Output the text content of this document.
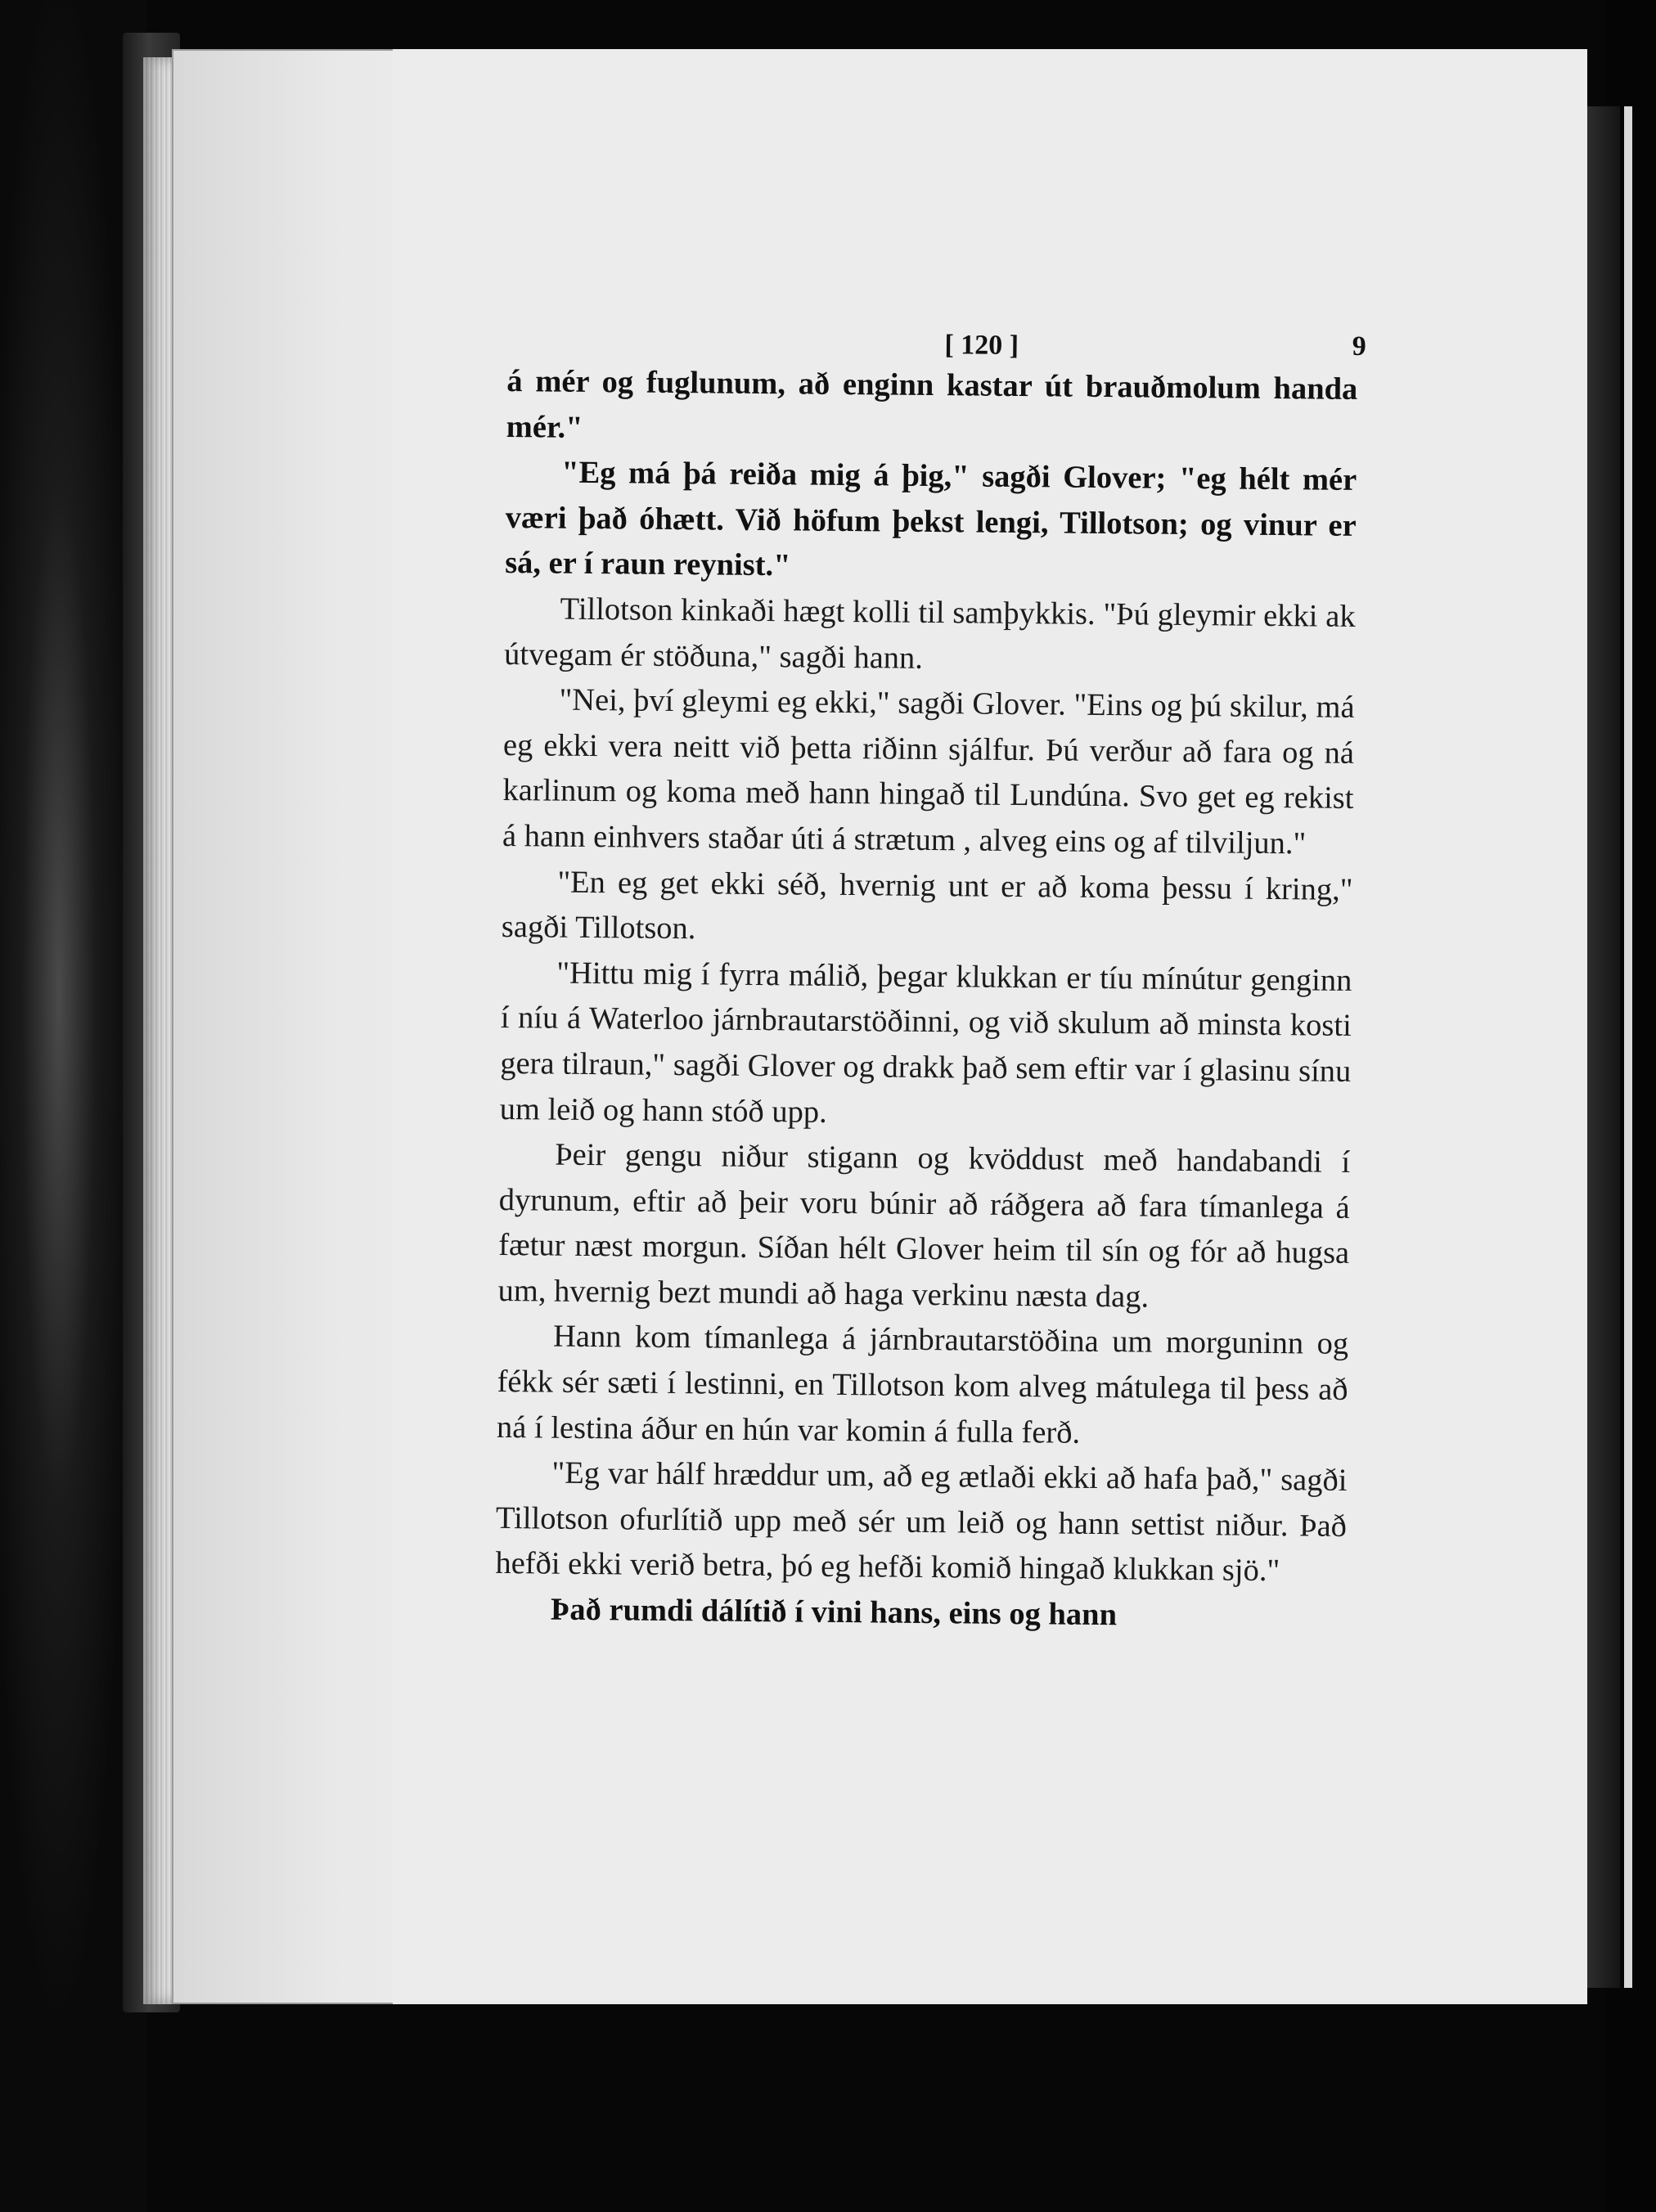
[ 120 ]	9

á mér og fuglunum, að enginn kastar út brauðmolum handa mér."

"Eg má þá reiða mig á þig," sagði Glover; "eg hélt mér væri það óhætt. Við höfum þekst lengi, Tillotson; og vinur er sá, er í raun reynist."

Tillotson kinkaði hægt kolli til samþykkis. "Þú gleymir ekki ak útvegam ér stöðuna," sagði hann.

"Nei, því gleymi eg ekki," sagði Glover. "Eins og þú skilur, má eg ekki vera neitt við þetta riðinn sjálfur. Þú verður að fara og ná karlinum og koma með hann hingað til Lundúna. Svo get eg rekist á hann einhvers staðar úti á strætum , alveg eins og af tilviljun."

"En eg get ekki séð, hvernig unt er að koma þessu í kring," sagði Tillotson.

"Hittu mig í fyrra málið, þegar klukkan er tíu mínútur genginn í níu á Waterloo járnbrautarstöðinni, og við skulum að minsta kosti gera tilraun," sagði Glover og drakk það sem eftir var í glasinu sínu um leið og hann stóð upp.

Þeir gengu niður stigann og kvöddust með handabandi í dyrunum, eftir að þeir voru búnir að ráðgera að fara tímanlega á fætur næst morgun. Síðan hélt Glover heim til sín og fór að hugsa um, hvernig bezt mundi að haga verkinu næsta dag.

Hann kom tímanlega á járnbrautarstöðina um morguninn og fékk sér sæti í lestinni, en Tillotson kom alveg mátulega til þess að ná í lestina áður en hún var komin á fulla ferð.

"Eg var hálf hræddur um, að eg ætlaði ekki að hafa það," sagði Tillotson ofurlítið upp með sér um leið og hann settist niður. Það hefði ekki verið betra, þó eg hefði komið hingað klukkan sjö."

Það rumdi dálítið í vini hans, eins og hann
